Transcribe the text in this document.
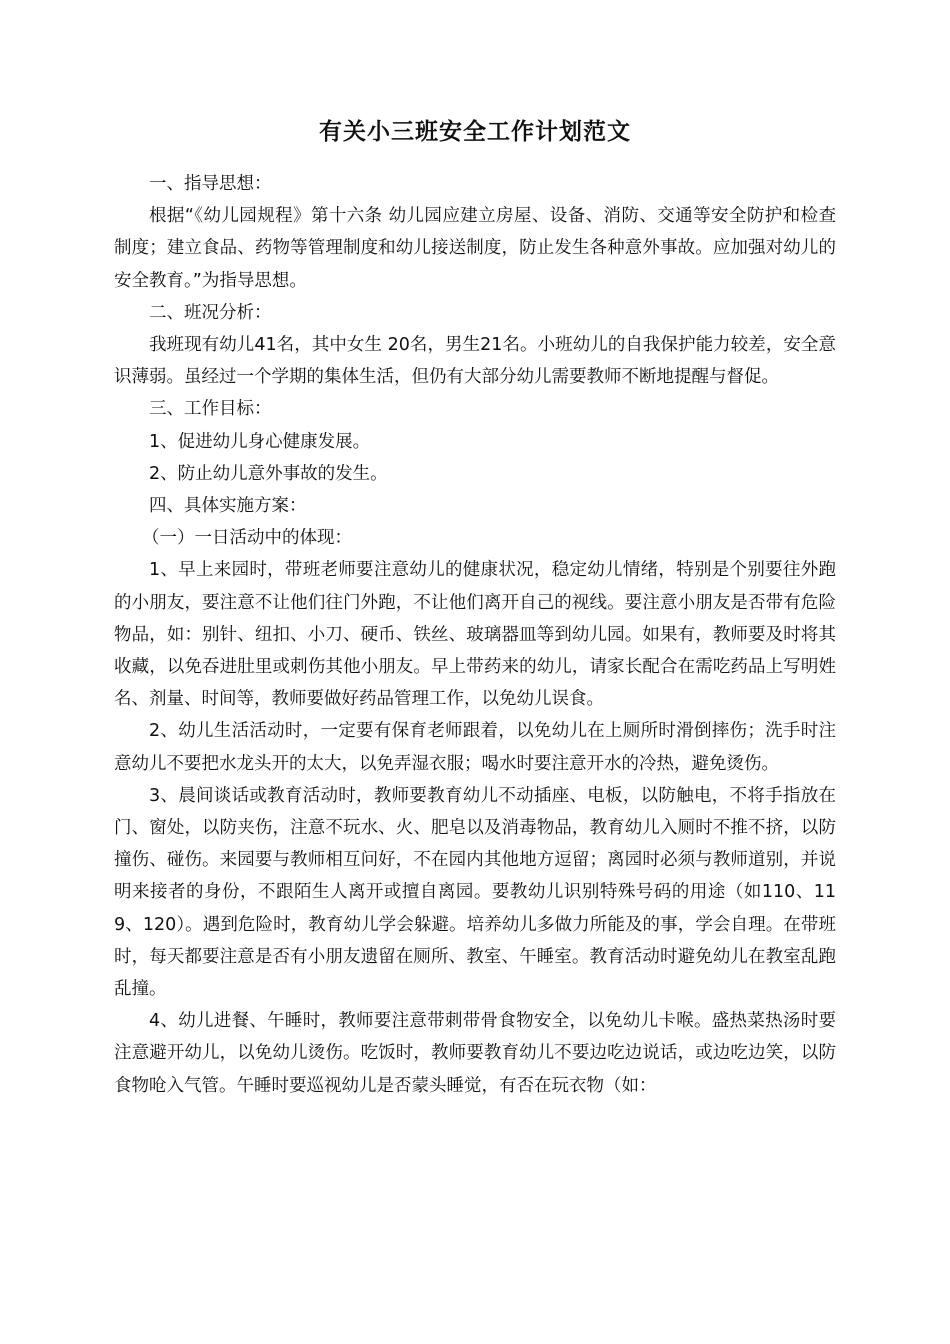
有关小三班安全工作计划范文

一、指导思想：

根据“《幼儿园规程》第十六条 幼儿园应建立房屋、设备、消防、交通等安全防护和检查制度；建立食品、药物等管理制度和幼儿接送制度，防止发生各种意外事故。应加强对幼儿的安全教育。”为指导思想。

二、班况分析：

我班现有幼儿41名，其中女生 20名，男生21名。小班幼儿的自我保护能力较差，安全意识薄弱。虽经过一个学期的集体生活，但仍有大部分幼儿需要教师不断地提醒与督促。

三、工作目标：

1、促进幼儿身心健康发展。

2、防止幼儿意外事故的发生。

四、具体实施方案：

（一）一日活动中的体现：

1、早上来园时，带班老师要注意幼儿的健康状况，稳定幼儿情绪，特别是个别要往外跑的小朋友，要注意不让他们往门外跑，不让他们离开自己的视线。要注意小朋友是否带有危险物品，如：别针、纽扣、小刀、硬币、铁丝、玻璃器皿等到幼儿园。如果有，教师要及时将其收藏，以免吞进肚里或刺伤其他小朋友。早上带药来的幼儿，请家长配合在需吃药品上写明姓名、剂量、时间等，教师要做好药品管理工作，以免幼儿误食。

2、幼儿生活活动时，一定要有保育老师跟着，以免幼儿在上厕所时滑倒摔伤；洗手时注意幼儿不要把水龙头开的太大，以免弄湿衣服；喝水时要注意开水的冷热，避免烫伤。

3、晨间谈话或教育活动时，教师要教育幼儿不动插座、电板，以防触电，不将手指放在门、窗处，以防夹伤，注意不玩水、火、肥皂以及消毒物品，教育幼儿入厕时不推不挤，以防撞伤、碰伤。来园要与教师相互问好，不在园内其他地方逗留；离园时必须与教师道别，并说明来接者的身份，不跟陌生人离开或擅自离园。要教幼儿识别特殊号码的用途（如110、119、120）。遇到危险时，教育幼儿学会躲避。培养幼儿多做力所能及的事，学会自理。在带班时，每天都要注意是否有小朋友遗留在厕所、教室、午睡室。教育活动时避免幼儿在教室乱跑乱撞。

4、幼儿进餐、午睡时，教师要注意带刺带骨食物安全，以免幼儿卡喉。盛热菜热汤时要注意避开幼儿，以免幼儿烫伤。吃饭时，教师要教育幼儿不要边吃边说话，或边吃边笑，以防食物呛入气管。午睡时要巡视幼儿是否蒙头睡觉，有否在玩衣物（如：
